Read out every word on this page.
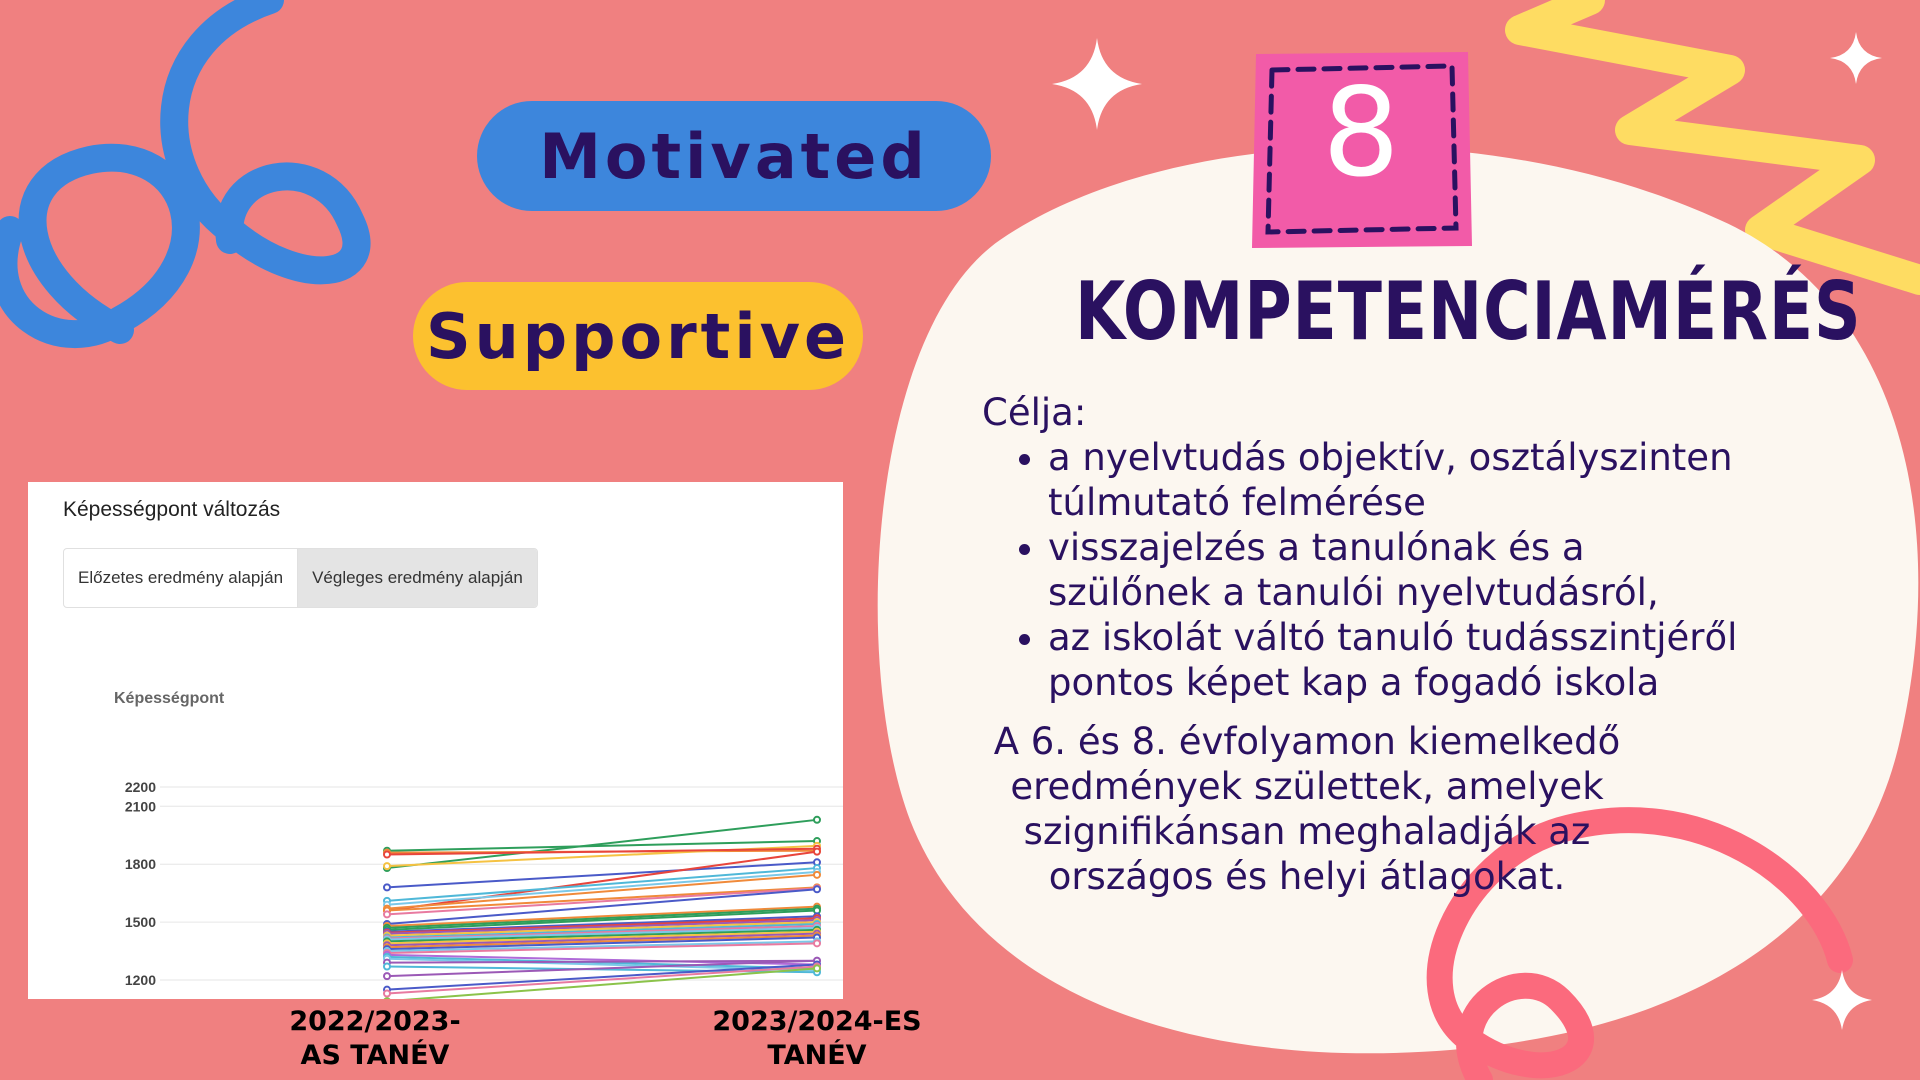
Motivated
Supportive
8
KOMPETENCIAMÉRÉS

Célja:

• a nyelvtudás objektív, osztályszinten túlmutató felmérése
• visszajelzés a tanulónak és a szülőnek a tanulói nyelvtudásról,
• az iskolát váltó tanuló tudásszintjéről pontos képet kap a fogadó iskola

A 6. és 8. évfolyamon kiemelkedő eredmények születtek, amelyek szignifikánsan meghaladják az országos és helyi átlagokat.

Képességpont változás
Előzetes eredmény alapján	Végleges eredmény alapján
Képességpont
1200
1500
1800
2100
2200
2022/2023-AS TANÉV
2023/2024-ES TANÉV
